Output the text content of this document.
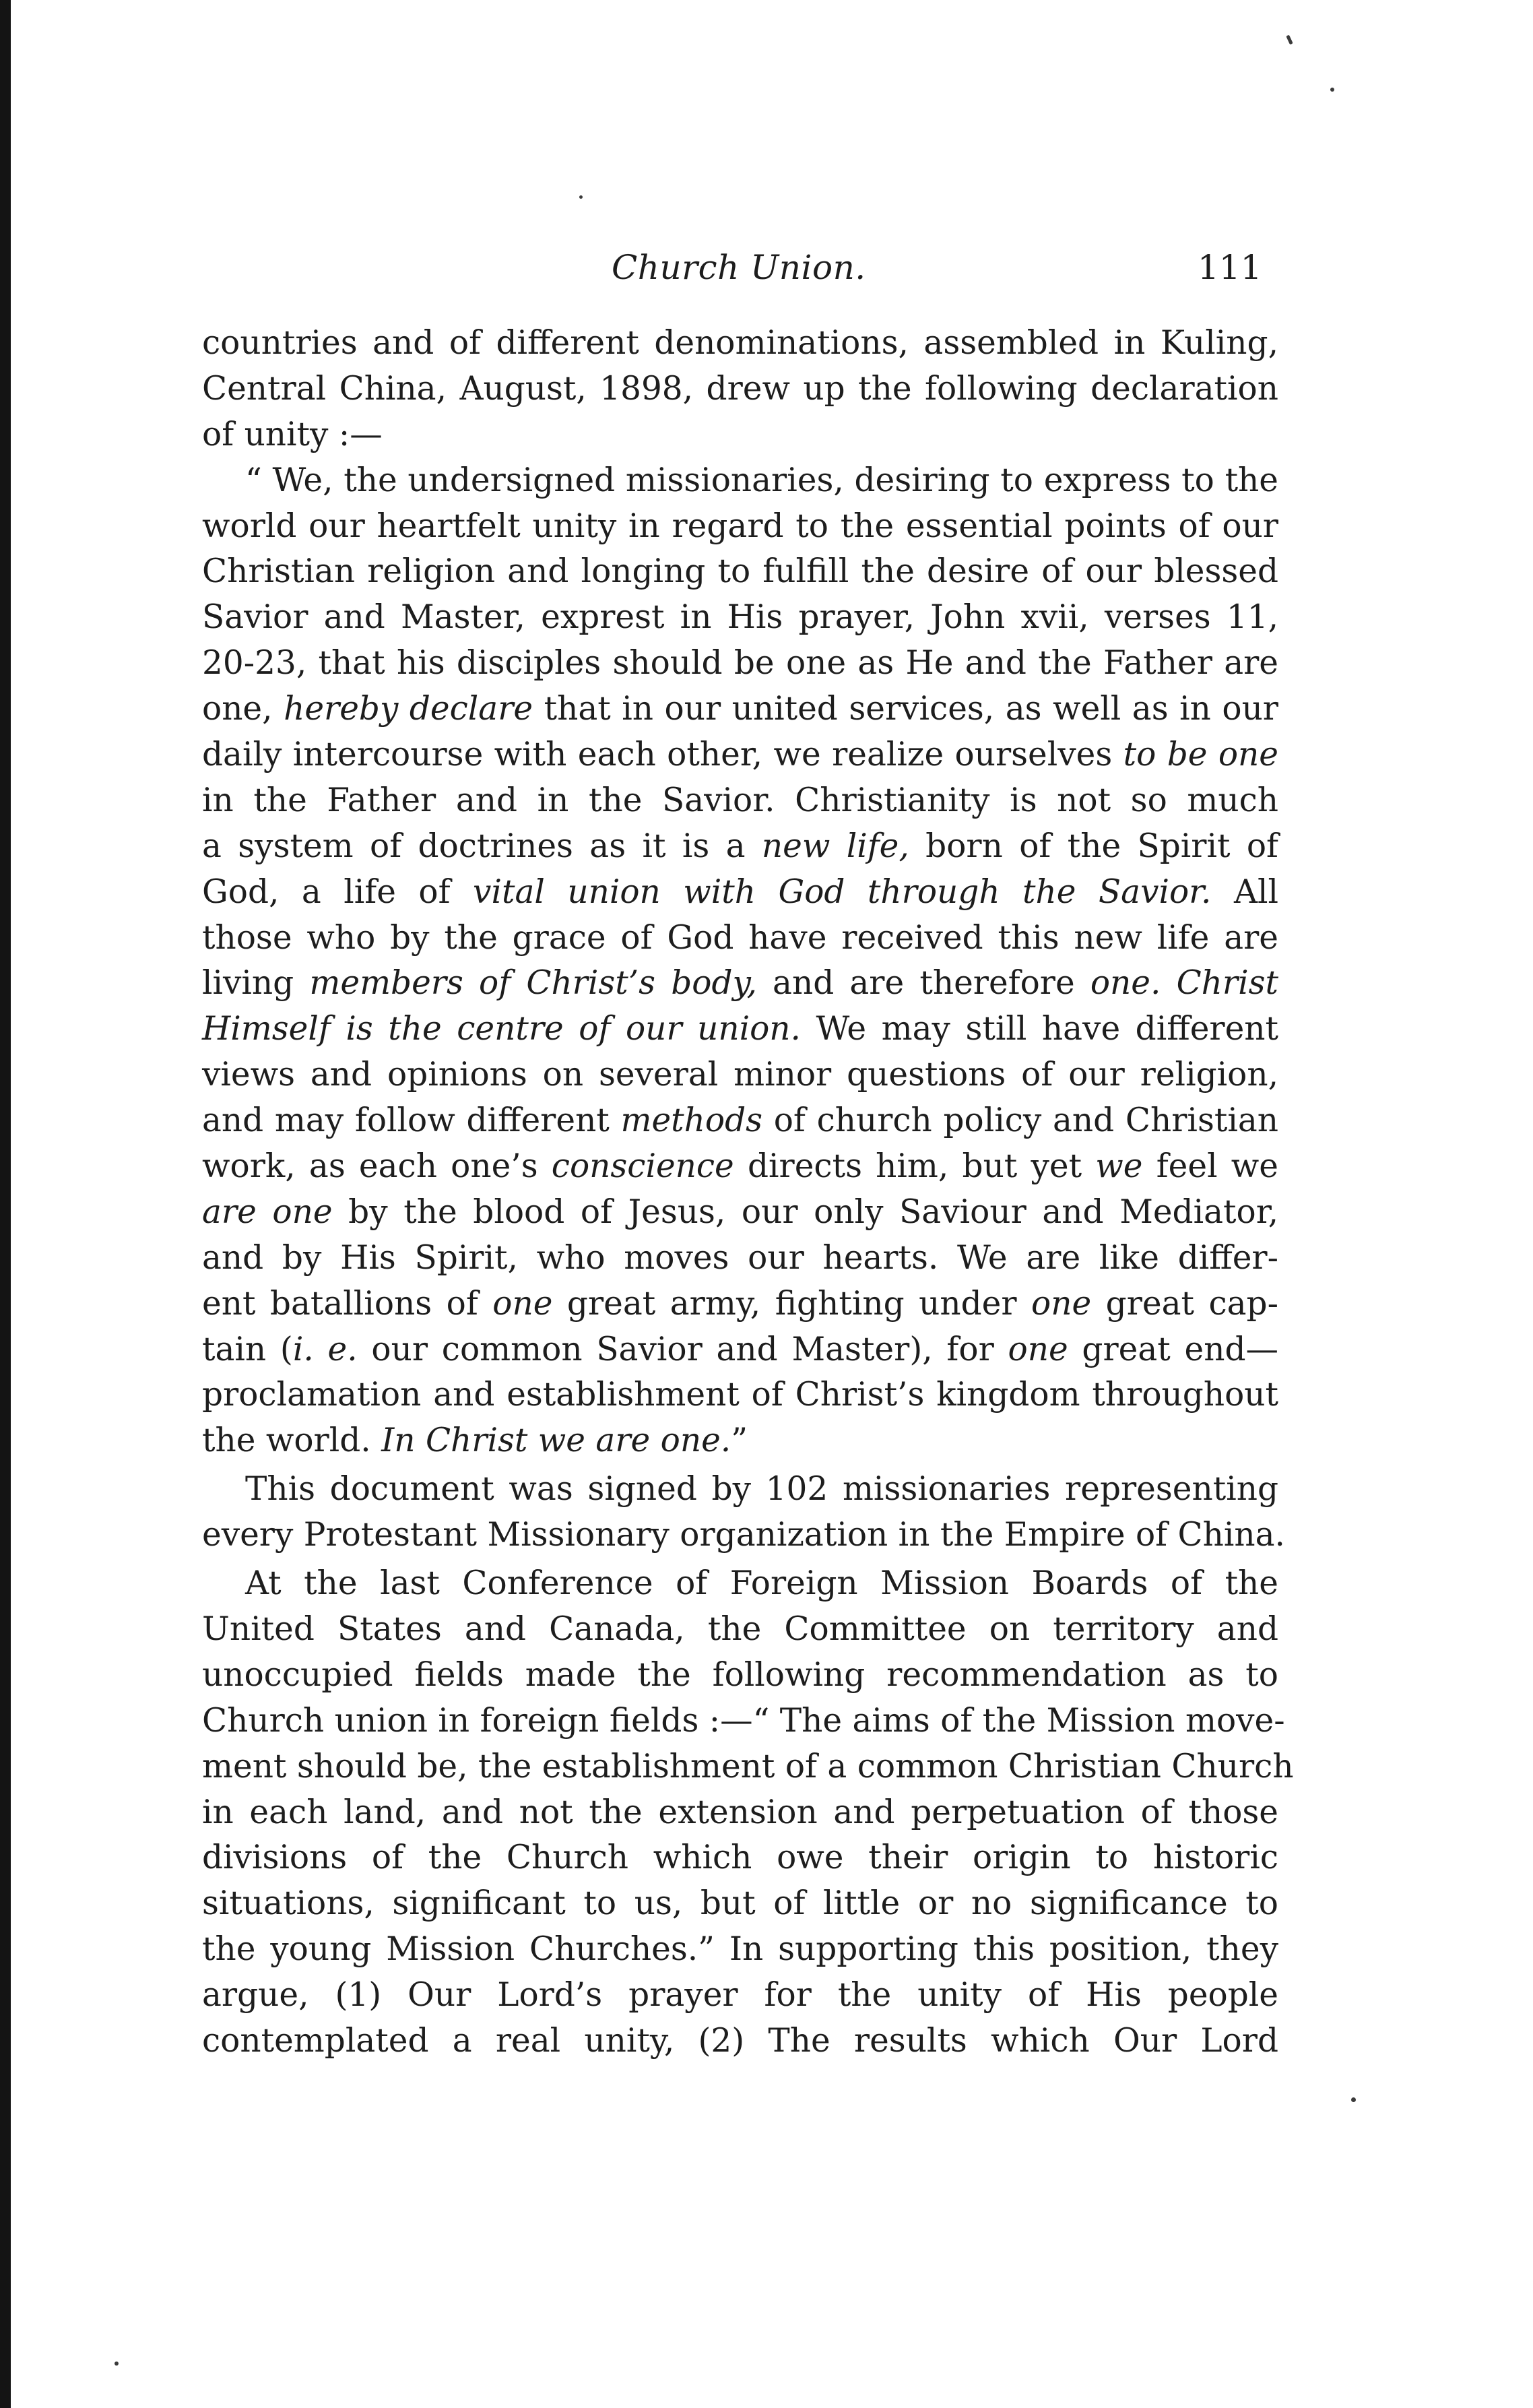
Church Union.	111
countries and of different denominations, assembled in Kuling,
Central China, August, 1898, drew up the following declaration
of unity :—
“ We, the undersigned missionaries, desiring to express to the
world our heartfelt unity in regard to the essential points of our
Christian religion and longing to fulfill the desire of our blessed
Savior and Master, exprest in His prayer, John xvii, verses 11,
20-23, that his disciples should be one as He and the Father are
one, hereby declare that in our united services, as well as in our
daily intercourse with each other, we realize ourselves to be one
in the Father and in the Savior. Christianity is not so much
a system of doctrines as it is a new life, born of the Spirit of
God, a life of vital union with God through the Savior. All
those who by the grace of God have received this new life are
living members of Christ’s body, and are therefore one. Christ
Himself is the centre of our union. We may still have different
views and opinions on several minor questions of our religion,
and may follow different methods of church policy and Christian
work, as each one’s conscience directs him, but yet we feel we
are one by the blood of Jesus, our only Saviour and Mediator,
and by His Spirit, who moves our hearts. We are like differ-
ent batallions of one great army, fighting under one great cap-
tain (i. e. our common Savior and Master), for one great end—
proclamation and establishment of Christ’s kingdom throughout
the world. In Christ we are one.”
This document was signed by 102 missionaries representing
every Protestant Missionary organization in the Empire of China.
At the last Conference of Foreign Mission Boards of the
United States and Canada, the Committee on territory and
unoccupied fields made the following recommendation as to
Church union in foreign fields :—“ The aims of the Mission move-
ment should be, the establishment of a common Christian Church
in each land, and not the extension and perpetuation of those
divisions of the Church which owe their origin to historic
situations, significant to us, but of little or no significance to
the young Mission Churches.” In supporting this position, they
argue, (1) Our Lord’s prayer for the unity of His people
contemplated a real unity, (2) The results which Our Lord
